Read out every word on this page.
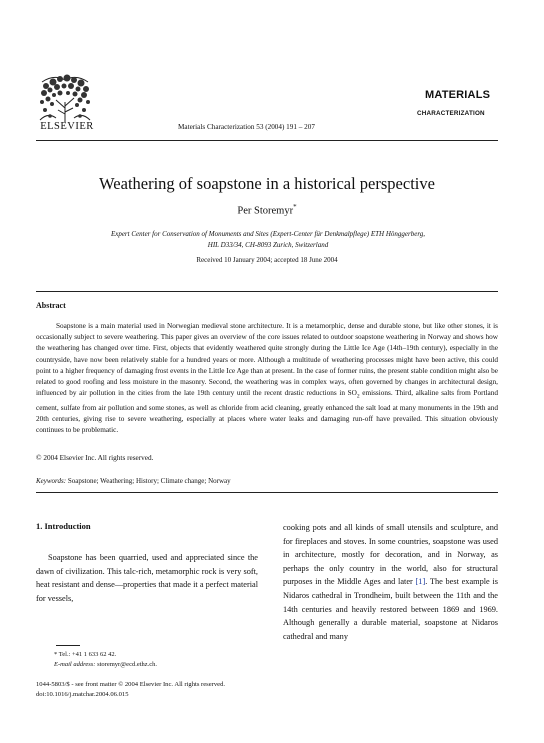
ELSEVIER	Materials Characterization 53 (2004) 191 – 207
MATERIALS
CHARACTERIZATION
Weathering of soapstone in a historical perspective
Per Storemyr*
Expert Center for Conservation of Monuments and Sites (Expert-Center für Denkmalpflege) ETH Hönggerberg,
HIL D33/34, CH-8093 Zurich, Switzerland
Received 10 January 2004; accepted 18 June 2004
Abstract

Soapstone is a main material used in Norwegian medieval stone architecture. It is a metamorphic, dense and durable stone, but like other stones, it is occasionally subject to severe weathering. This paper gives an overview of the core issues related to outdoor soapstone weathering in Norway and shows how the weathering has changed over time. First, objects that evidently weathered quite strongly during the Little Ice Age (14th–19th century), especially in the countryside, have now been relatively stable for a hundred years or more. Although a multitude of weathering processes might have been active, this could point to a higher frequency of damaging frost events in the Little Ice Age than at present. In the case of former ruins, the present stable condition might also be related to good roofing and less moisture in the masonry. Second, the weathering was in complex ways, often governed by changes in architectural design, influenced by air pollution in the cities from the late 19th century until the recent drastic reductions in $SO_2$ emissions. Third, alkaline salts from Portland cement, sulfate from air pollution and some stones, as well as chloride from acid cleaning, greatly enhanced the salt load at many monuments in the 19th and 20th centuries, giving rise to severe weathering, especially at places where water leaks and damaging run-off have prevailed. This situation obviously continues to be problematic.

© 2004 Elsevier Inc. All rights reserved.
Keywords: Soapstone; Weathering; History; Climate change; Norway
1. Introduction

Soapstone has been quarried, used and appreciated since the dawn of civilization. This talc-rich, metamorphic rock is very soft, heat resistant and dense—properties that made it a perfect material for vessels,

cooking pots and all kinds of small utensils and sculpture, and for fireplaces and stoves. In some countries, soapstone was used in architecture, mostly for decoration, and in Norway, as perhaps the only country in the world, also for structural purposes in the Middle Ages and later [1]. The best example is Nidaros cathedral in Trondheim, built between the 11th and the 14th centuries and heavily restored between 1869 and 1969. Although generally a durable material, soapstone at Nidaros cathedral and many

* Tel.: +41 1 633 62 42.
E-mail address: storemyr@ecd.ethz.ch.
1044-5803/$ - see front matter © 2004 Elsevier Inc. All rights reserved.
doi:10.1016/j.matchar.2004.06.015
